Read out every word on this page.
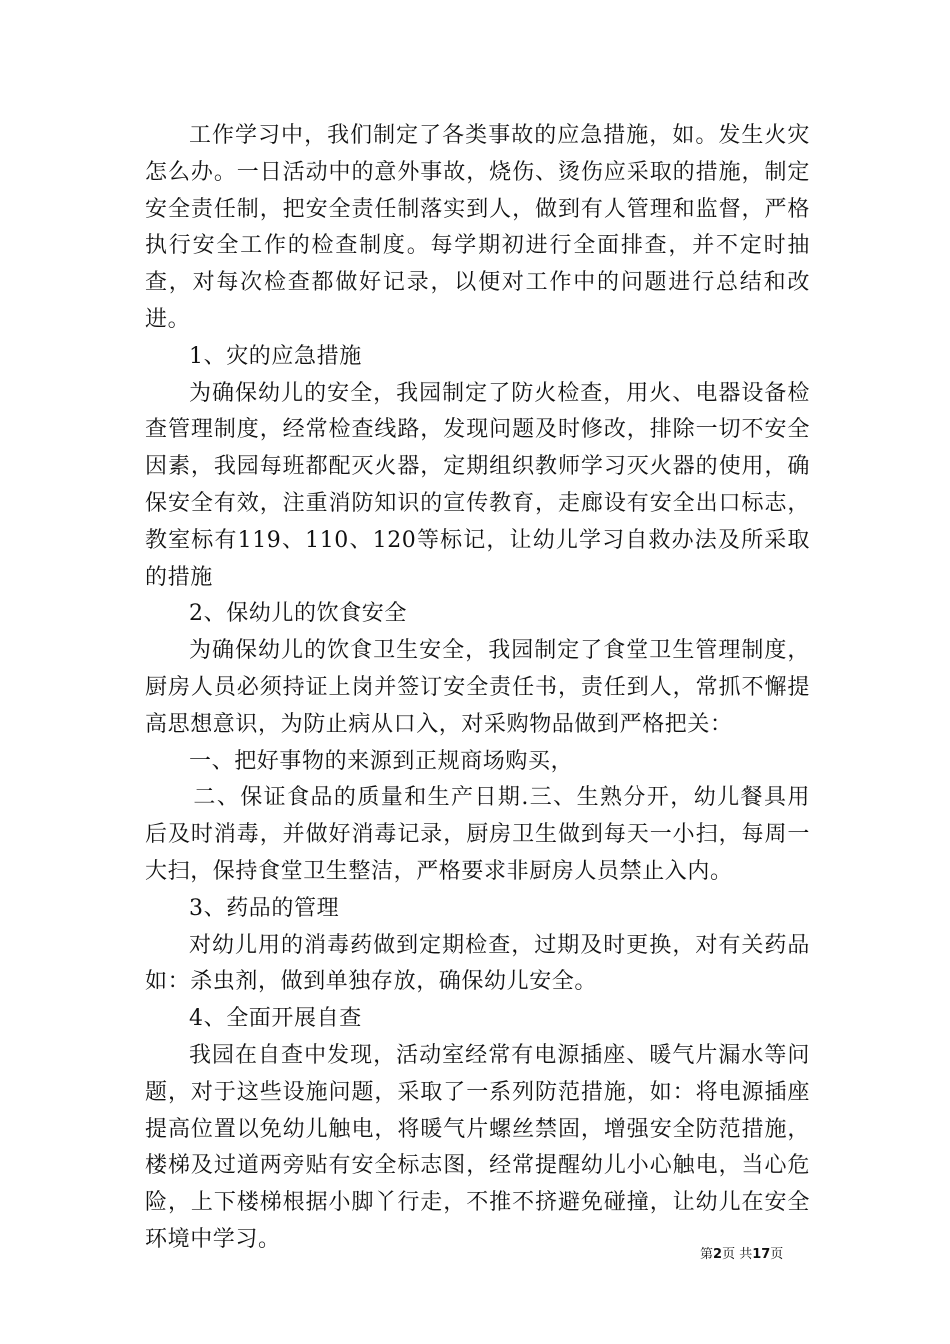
工作学习中，我们制定了各类事故的应急措施，如。发生火灾怎么办。一日活动中的意外事故，烧伤、烫伤应采取的措施，制定安全责任制，把安全责任制落实到人，做到有人管理和监督，严格执行安全工作的检查制度。每学期初进行全面排查，并不定时抽查，对每次检查都做好记录，以便对工作中的问题进行总结和改进。

1、灾的应急措施

为确保幼儿的安全，我园制定了防火检查，用火、电器设备检查管理制度，经常检查线路，发现问题及时修改，排除一切不安全因素，我园每班都配灭火器，定期组织教师学习灭火器的使用，确保安全有效，注重消防知识的宣传教育，走廊设有安全出口标志，教室标有119、110、120等标记，让幼儿学习自救办法及所采取的措施

2、保幼儿的饮食安全

为确保幼儿的饮食卫生安全，我园制定了食堂卫生管理制度，厨房人员必须持证上岗并签订安全责任书，责任到人，常抓不懈提高思想意识，为防止病从口入，对采购物品做到严格把关：

一、把好事物的来源到正规商场购买，

二、保证食品的质量和生产日期.三、生熟分开，幼儿餐具用后及时消毒，并做好消毒记录，厨房卫生做到每天一小扫，每周一大扫，保持食堂卫生整洁，严格要求非厨房人员禁止入内。

3、药品的管理

对幼儿用的消毒药做到定期检查，过期及时更换，对有关药品如：杀虫剂，做到单独存放，确保幼儿安全。

4、全面开展自查

我园在自查中发现，活动室经常有电源插座、暖气片漏水等问题，对于这些设施问题，采取了一系列防范措施，如：将电源插座提高位置以免幼儿触电，将暖气片螺丝禁固，增强安全防范措施，楼梯及过道两旁贴有安全标志图，经常提醒幼儿小心触电，当心危险，上下楼梯根据小脚丫行走，不推不挤避免碰撞，让幼儿在安全环境中学习。

第2页 共17页
